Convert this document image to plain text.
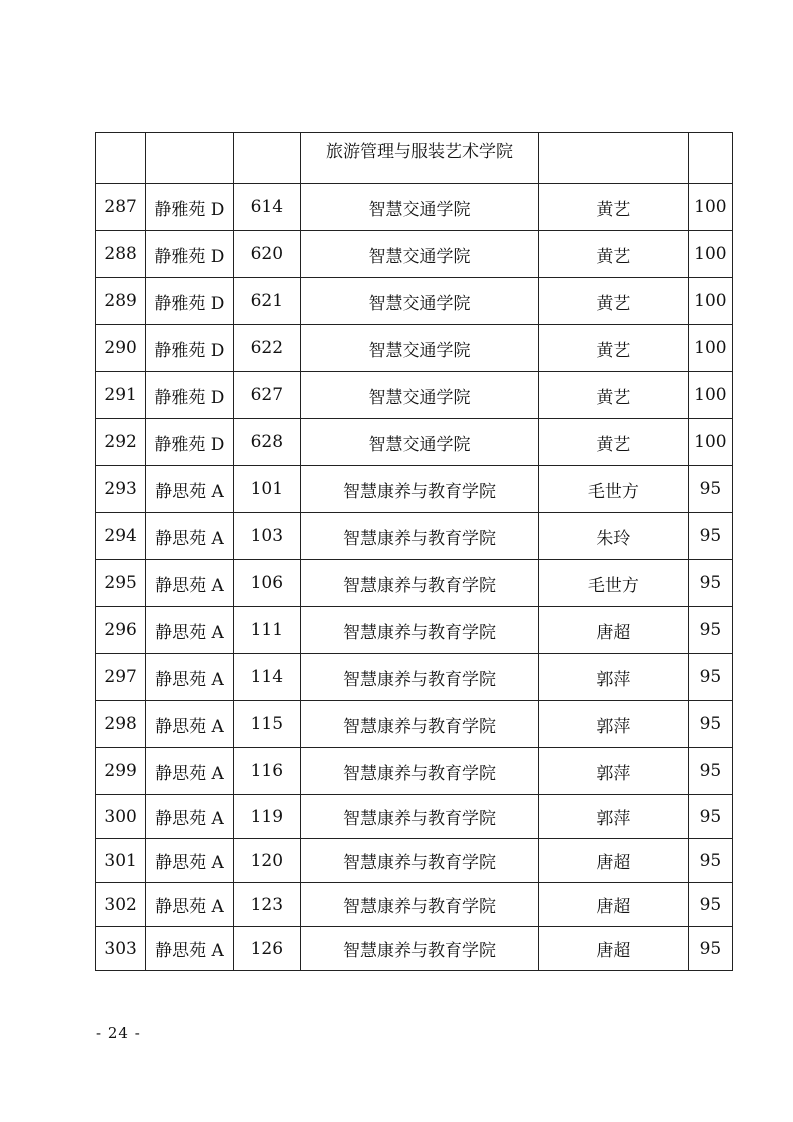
			旅游管理与服装艺术学院		
287	静雅苑 D	614	智慧交通学院	黄艺	100
288	静雅苑 D	620	智慧交通学院	黄艺	100
289	静雅苑 D	621	智慧交通学院	黄艺	100
290	静雅苑 D	622	智慧交通学院	黄艺	100
291	静雅苑 D	627	智慧交通学院	黄艺	100
292	静雅苑 D	628	智慧交通学院	黄艺	100
293	静思苑 A	101	智慧康养与教育学院	毛世方	95
294	静思苑 A	103	智慧康养与教育学院	朱玲	95
295	静思苑 A	106	智慧康养与教育学院	毛世方	95
296	静思苑 A	111	智慧康养与教育学院	唐超	95
297	静思苑 A	114	智慧康养与教育学院	郭萍	95
298	静思苑 A	115	智慧康养与教育学院	郭萍	95
299	静思苑 A	116	智慧康养与教育学院	郭萍	95
300	静思苑 A	119	智慧康养与教育学院	郭萍	95
301	静思苑 A	120	智慧康养与教育学院	唐超	95
302	静思苑 A	123	智慧康养与教育学院	唐超	95
303	静思苑 A	126	智慧康养与教育学院	唐超	95
- 24 -
